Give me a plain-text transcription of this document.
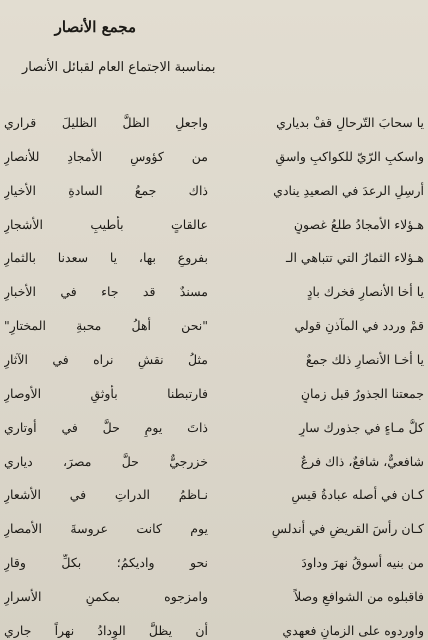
مجمع الأنصار
بمناسبة الاجتماع العام لقبائل الأنصار
يا سحابَ التّرحالِ قفْ بدياري
واسكبِ الرّيّ للكواكبِ واسقِ
أرسِلِ الرعدَ في الصعيدِ ينادي
هـؤلاء الأمجادُ طلعُ غصونٍ
هـؤلاء الثمارُ التي تتباهي الـ
يا أخا الأنصارِ فخرك بادٍ
قمْ وردد في المآذنِ قولي
يا أخـا الأنصارِ ذلك جمعٌ
جمعتنا الجذورُ قبل زمانٍ
كلُّ مـاءٍ في جذورك سارٍ
شافعيٌّ، شافعٌ، ذاك فرعٌ
كـان في أصله عبادةُ قيسٍ
كـان رأسَ القريضِ في أندلسٍ
من بنيه أسوقُ نهرَ وداودَ
فاقبلوه من الشوافعِ وصلاً
واوردوه على الزمانِ فعهدي
واجعلِ الظلَّ الظليلَ قراري
من كؤوسِ الأمجادِ للأنصارِ
ذاك جمعُ السادةِ الأخيارِ
عالقاتٍ بأطيبِ الأشجارِ
بفروعٍ بها، يا سعدنا بالثمارِ
مسندٌ قد جاء في الأخبارِ
"نحن أهلُ محبةِ المختارِ"
مثلُ نقشٍ نراه في الآثارِ
فارتبطنا بأوثقِ الأوصارِ
ذاتَ يومٍ حلَّ في أوتاري
خزرجيٌّ حلَّ مصرَ، دياري
نـاظمُ الدراتِ في الأشعارِ
يوم كانت عروسةَ الأمصارِ
نحو واديكمُ؛ بكلِّ وقارِ
وامزجوه بمكمنِ الأسرارِ
أن يظلَّ الوِدادُ نهراً جاري
